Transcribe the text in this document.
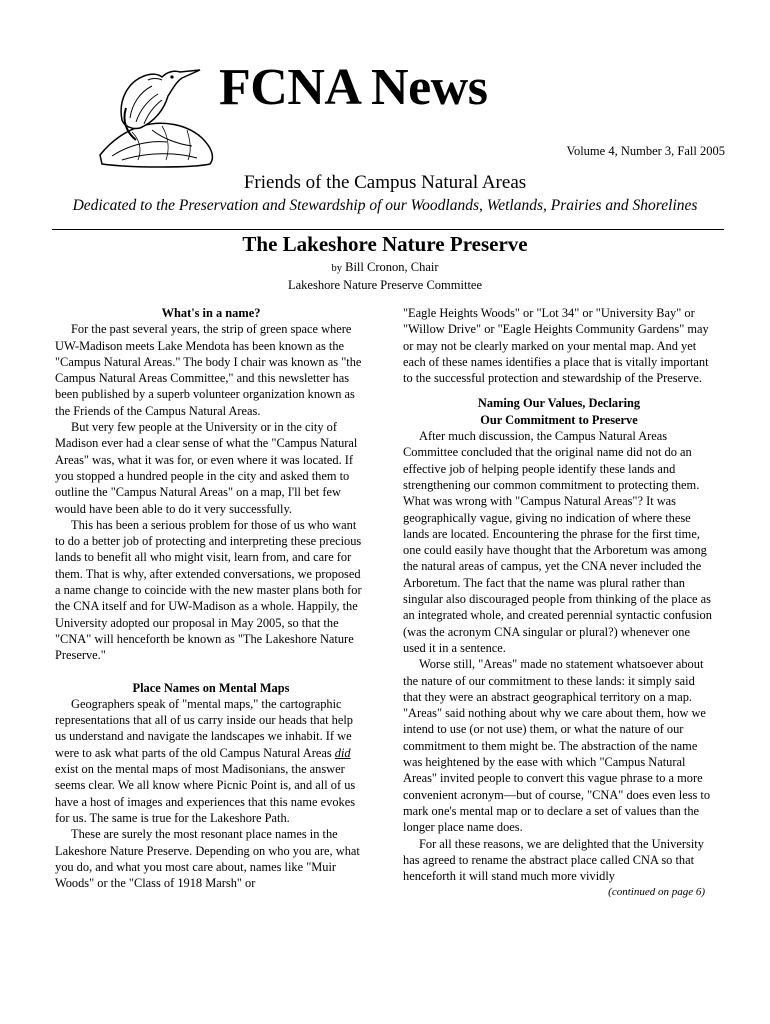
FCNA News
Volume 4, Number 3, Fall 2005
Friends of the Campus Natural Areas
Dedicated to the Preservation and Stewardship of our Woodlands, Wetlands, Prairies and Shorelines
The Lakeshore Nature Preserve
by Bill Cronon, Chair
Lakeshore Nature Preserve Committee
What's in a name?

For the past several years, the strip of green space where UW-Madison meets Lake Mendota has been known as the "Campus Natural Areas." The body I chair was known as "the Campus Natural Areas Committee," and this newsletter has been published by a superb volunteer organization known as the Friends of the Campus Natural Areas.

But very few people at the University or in the city of Madison ever had a clear sense of what the "Campus Natural Areas" was, what it was for, or even where it was located. If you stopped a hundred people in the city and asked them to outline the "Campus Natural Areas" on a map, I'll bet few would have been able to do it very successfully.

This has been a serious problem for those of us who want to do a better job of protecting and interpreting these precious lands to benefit all who might visit, learn from, and care for them. That is why, after extended conversations, we proposed a name change to coincide with the new master plans both for the CNA itself and for UW-Madison as a whole. Happily, the University adopted our proposal in May 2005, so that the "CNA" will henceforth be known as "The Lakeshore Nature Preserve."

Place Names on Mental Maps

Geographers speak of "mental maps," the cartographic representations that all of us carry inside our heads that help us understand and navigate the landscapes we inhabit. If we were to ask what parts of the old Campus Natural Areas did exist on the mental maps of most Madisonians, the answer seems clear. We all know where Picnic Point is, and all of us have a host of images and experiences that this name evokes for us. The same is true for the Lakeshore Path.

These are surely the most resonant place names in the Lakeshore Nature Preserve. Depending on who you are, what you do, and what you most care about, names like "Muir Woods" or the "Class of 1918 Marsh" or

"Eagle Heights Woods" or "Lot 34" or "University Bay" or "Willow Drive" or "Eagle Heights Community Gardens" may or may not be clearly marked on your mental map. And yet each of these names identifies a place that is vitally important to the successful protection and stewardship of the Preserve.

Naming Our Values, Declaring
Our Commitment to Preserve

After much discussion, the Campus Natural Areas Committee concluded that the original name did not do an effective job of helping people identify these lands and strengthening our common commitment to protecting them. What was wrong with "Campus Natural Areas"? It was geographically vague, giving no indication of where these lands are located. Encountering the phrase for the first time, one could easily have thought that the Arboretum was among the natural areas of campus, yet the CNA never included the Arboretum. The fact that the name was plural rather than singular also discouraged people from thinking of the place as an integrated whole, and created perennial syntactic confusion (was the acronym CNA singular or plural?) whenever one used it in a sentence.

Worse still, "Areas" made no statement whatsoever about the nature of our commitment to these lands: it simply said that they were an abstract geographical territory on a map. "Areas" said nothing about why we care about them, how we intend to use (or not use) them, or what the nature of our commitment to them might be. The abstraction of the name was heightened by the ease with which "Campus Natural Areas" invited people to convert this vague phrase to a more convenient acronym—but of course, "CNA" does even less to mark one's mental map or to declare a set of values than the longer place name does.

For all these reasons, we are delighted that the University has agreed to rename the abstract place called CNA so that henceforth it will stand much more vividly

(continued on page 6)
